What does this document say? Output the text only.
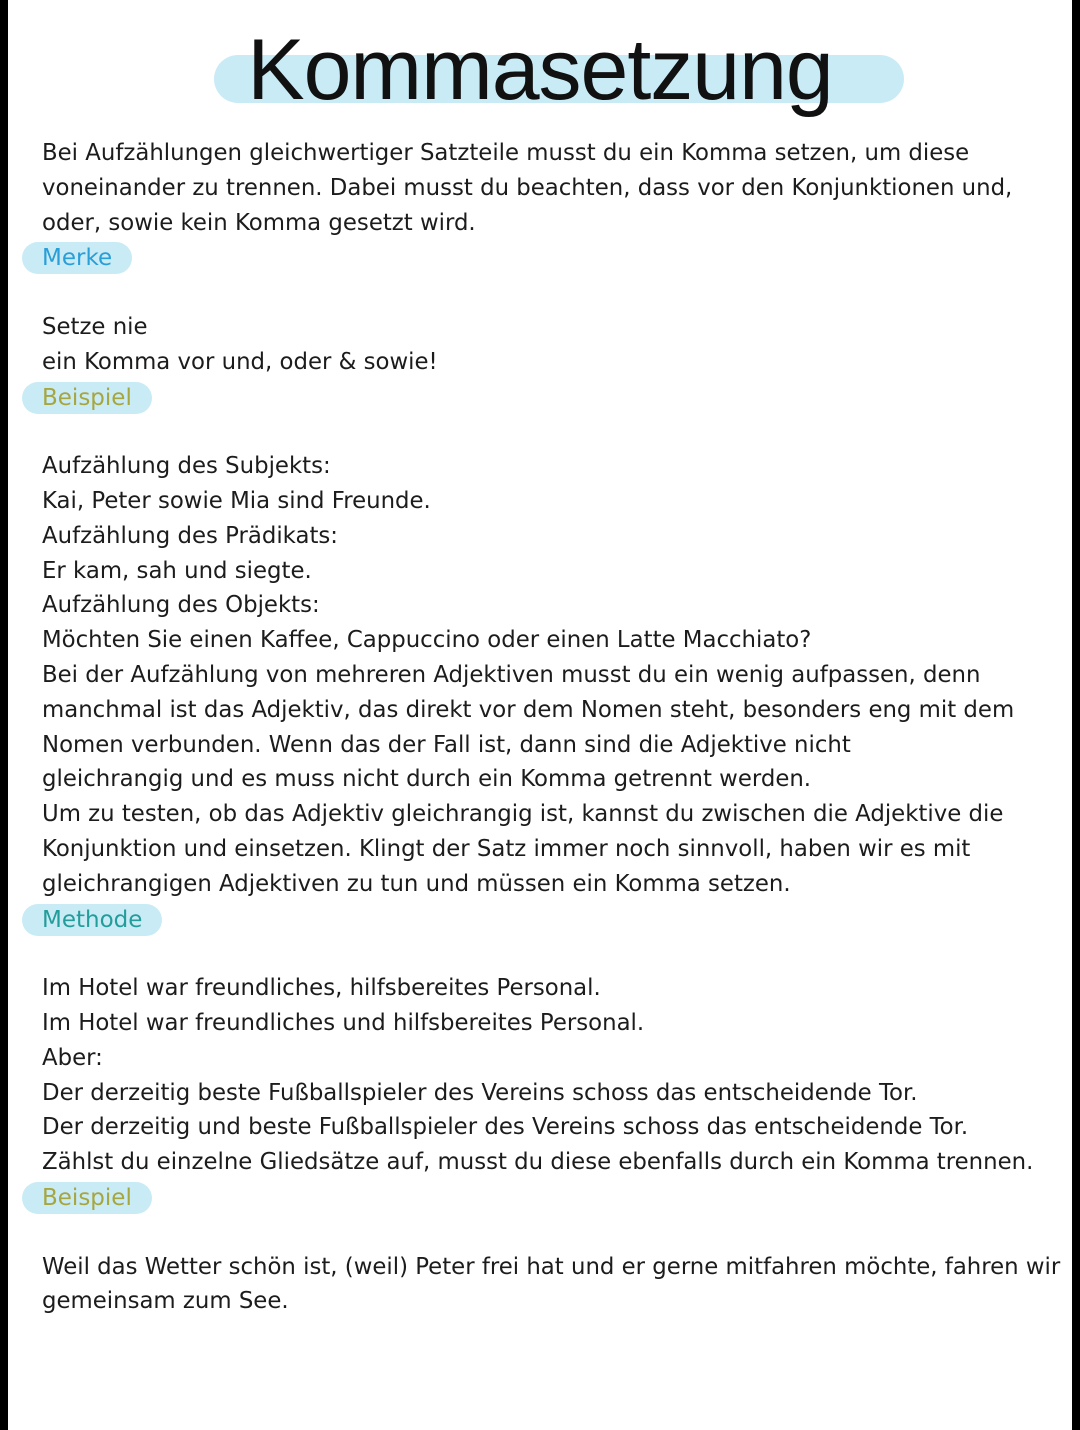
Kommasetzung
Bei Aufzählungen gleichwertiger Satzteile musst du ein Komma setzen, um diese
voneinander zu trennen. Dabei musst du beachten, dass vor den Konjunktionen und,
oder, sowie kein Komma gesetzt wird.
Merke
Setze nie
ein Komma vor und, oder & sowie!
Beispiel
Aufzählung des Subjekts:
Kai, Peter sowie Mia sind Freunde.
Aufzählung des Prädikats:
Er kam, sah und siegte.
Aufzählung des Objekts:
Möchten Sie einen Kaffee, Cappuccino oder einen Latte Macchiato?
Bei der Aufzählung von mehreren Adjektiven musst du ein wenig aufpassen, denn
manchmal ist das Adjektiv, das direkt vor dem Nomen steht, besonders eng mit dem
Nomen verbunden. Wenn das der Fall ist, dann sind die Adjektive nicht
gleichrangig und es muss nicht durch ein Komma getrennt werden.
Um zu testen, ob das Adjektiv gleichrangig ist, kannst du zwischen die Adjektive die
Konjunktion und einsetzen. Klingt der Satz immer noch sinnvoll, haben wir es mit
gleichrangigen Adjektiven zu tun und müssen ein Komma setzen.
Methode
Im Hotel war freundliches, hilfsbereites Personal.
Im Hotel war freundliches und hilfsbereites Personal.
Aber:
Der derzeitig beste Fußballspieler des Vereins schoss das entscheidende Tor.
Der derzeitig und beste Fußballspieler des Vereins schoss das entscheidende Tor.
Zählst du einzelne Gliedsätze auf, musst du diese ebenfalls durch ein Komma trennen.
Beispiel
Weil das Wetter schön ist, (weil) Peter frei hat und er gerne mitfahren möchte, fahren wir
gemeinsam zum See.
